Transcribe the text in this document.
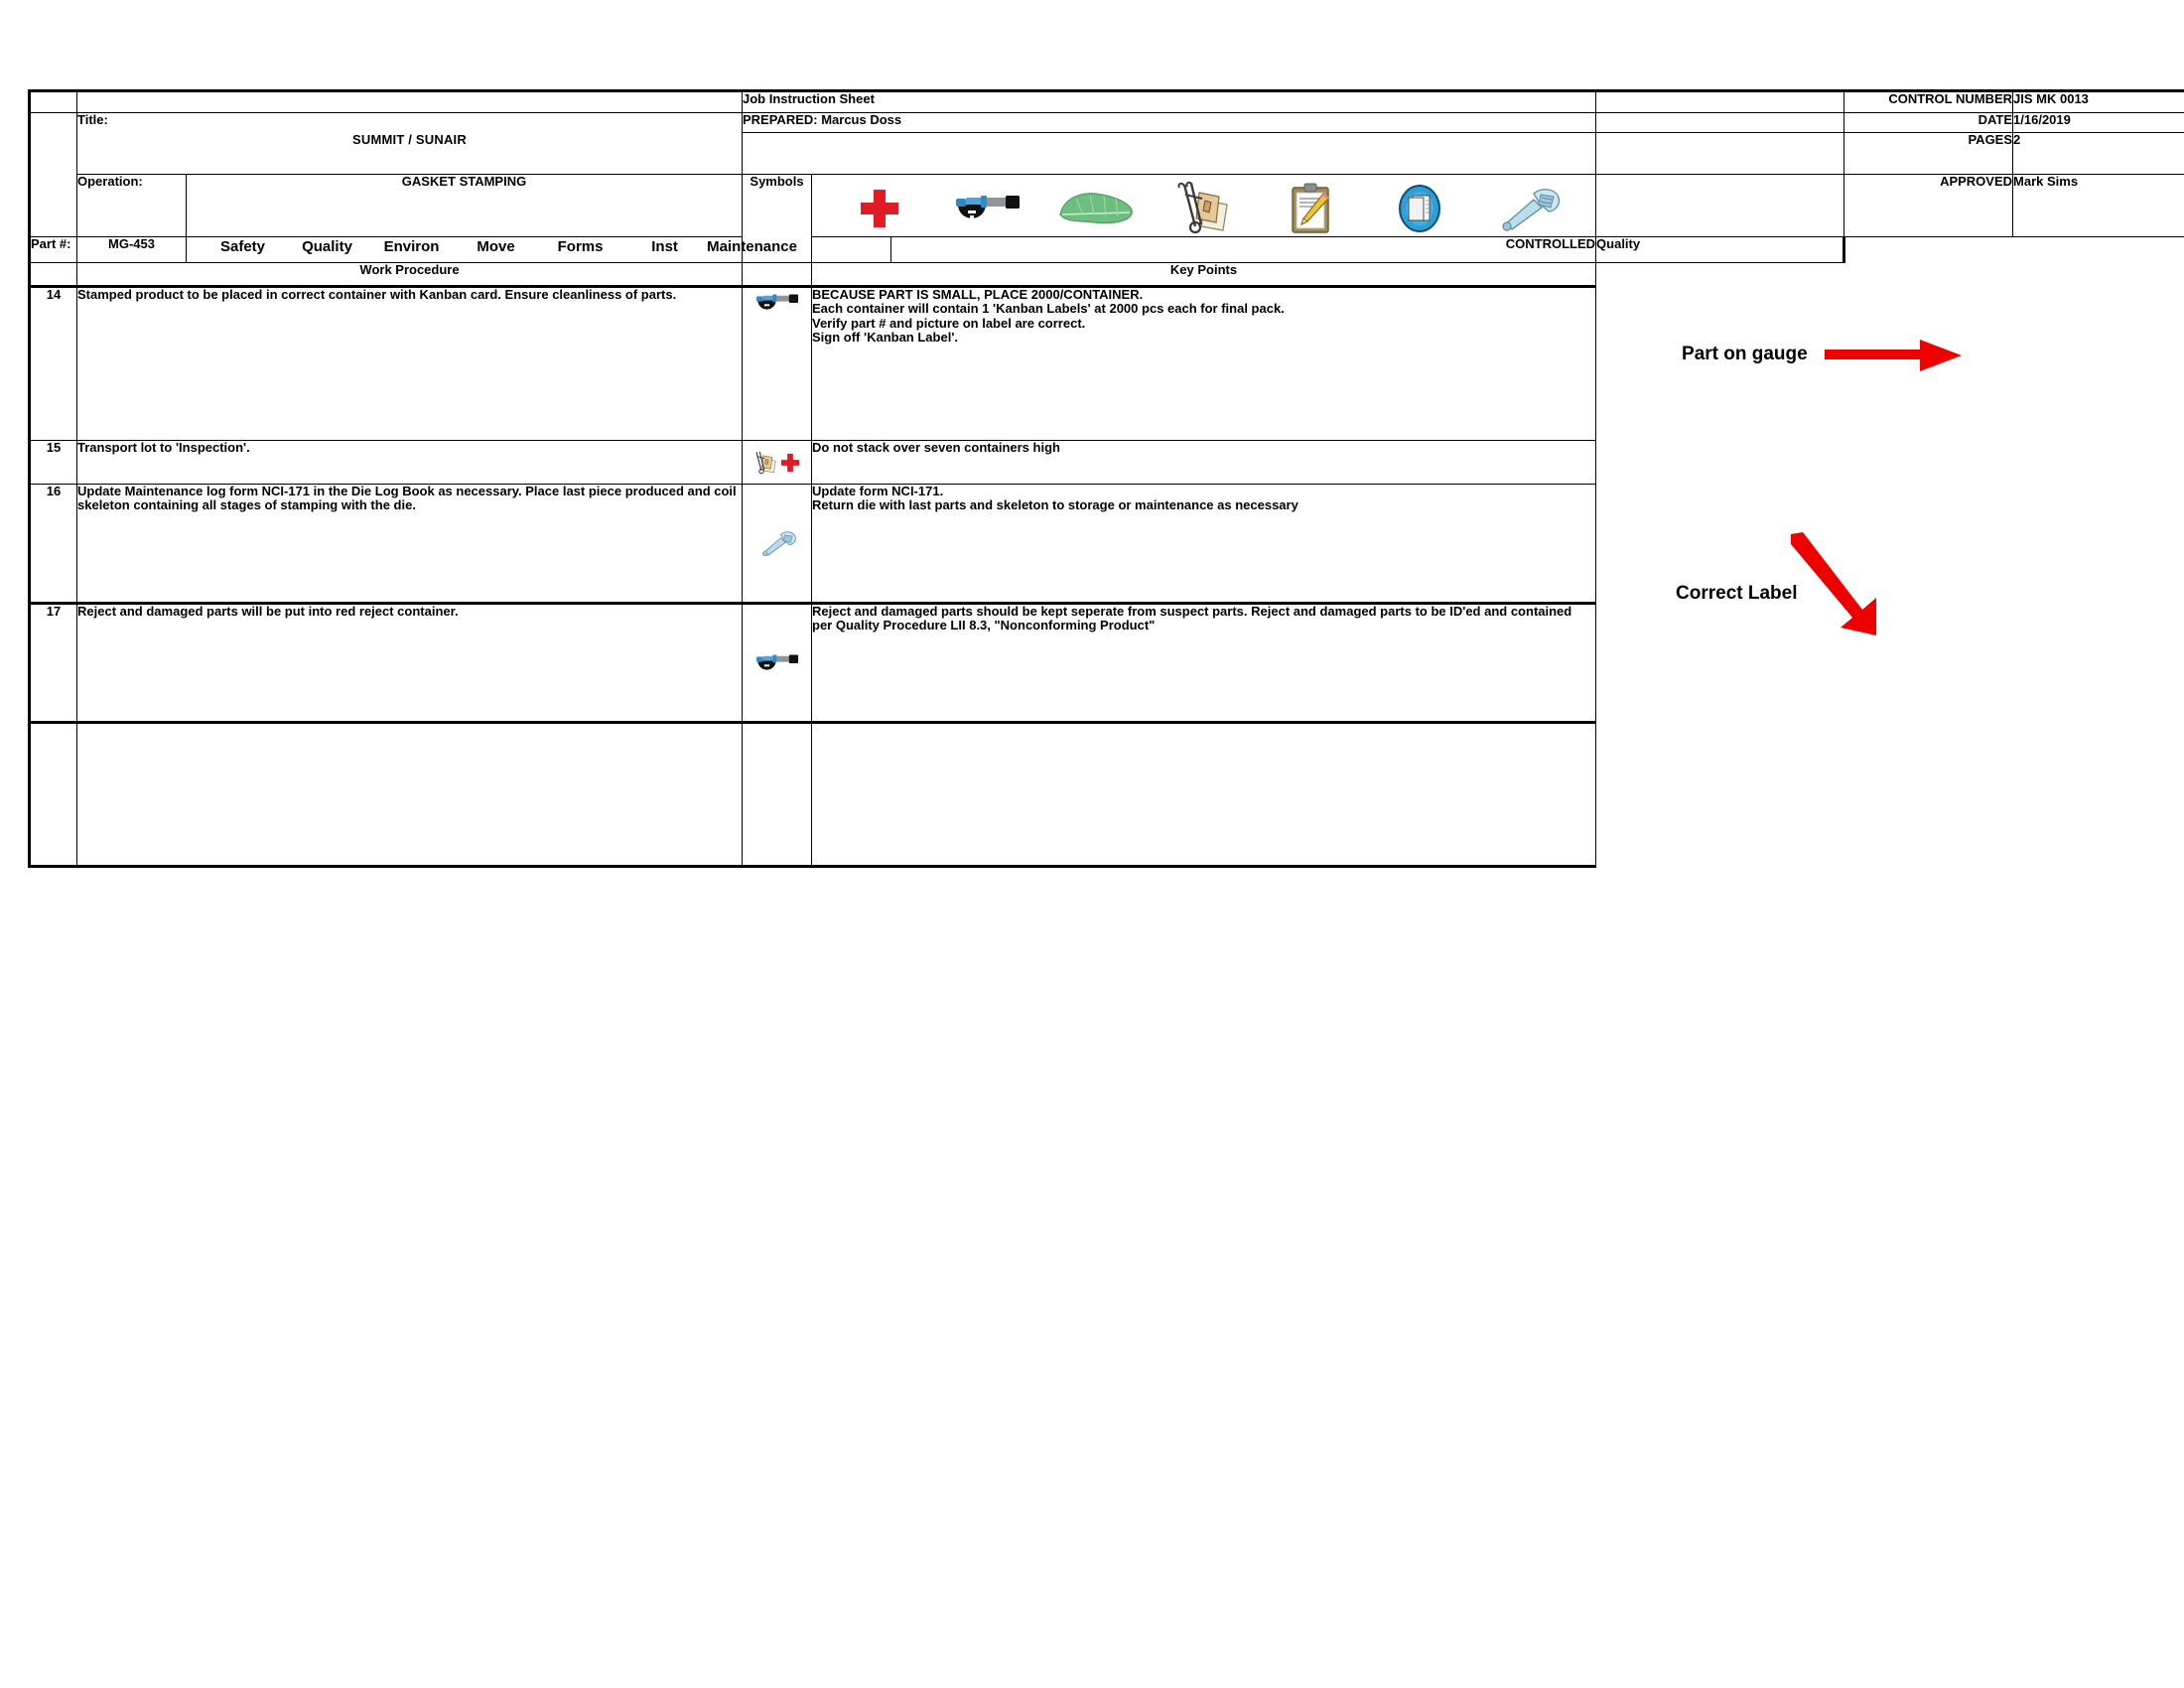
			Job Instruction Sheet				CONTROL NUMBER	JIS MK 0013
	Title:		PREPARED: Marcus Doss				DATE	1/16/2019
	SUMMIT / SUNAIR						PAGES	2
	Operation:	GASKET STAMPING	Symbols				APPROVED	Mark Sims
Part #:	MG-453	Safety	Quality	Environ	Move	Forms	Inst	Maintenance		CONTROLLED	Quality
	Work Procedure			Key Points				
14	Stamped product to be placed in correct container with Kanban card. Ensure cleanliness of parts.			BECAUSE PART IS SMALL, PLACE 2000/CONTAINER.
Each container will contain 1 'Kanban Labels' at 2000 pcs each for final pack.
Verify part # and picture on label are correct.
Sign off 'Kanban Label'.		Part on gauge		

15	Transport lot to 'Inspection'.			Do not stack over seven containers high				

16	Update Maintenance log form NCI-171 in the Die Log Book as necessary. Place last piece produced and coil skeleton containing all stages of stamping with the die.			Update form NCI-171.
Return die with last parts and skeleton to storage or maintenance as necessary		Correct Label		

17	Reject and damaged parts will be put into red reject container.			Reject and damaged parts should be kept seperate from suspect parts. Reject and damaged parts to be ID'ed and contained per Quality Procedure LII 8.3, "Nonconforming Product"				
